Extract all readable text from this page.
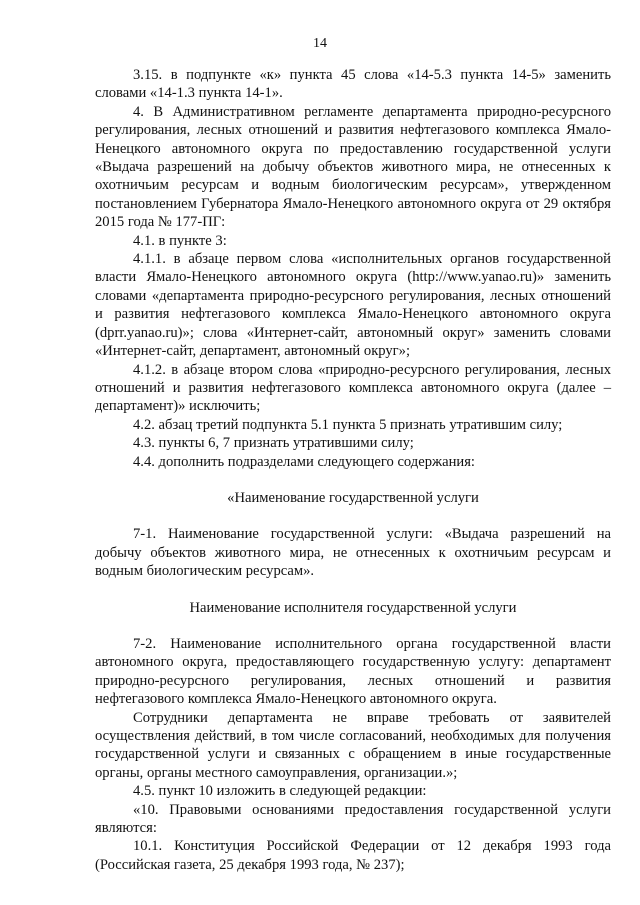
14

3.15. в подпункте «к» пункта 45 слова «14-5.3 пункта 14-5» заменить словами «14-1.3 пункта 14-1».

4. В Административном регламенте департамента природно-ресурсного регулирования, лесных отношений и развития нефтегазового комплекса Ямало-Ненецкого автономного округа по предоставлению государственной услуги «Выдача разрешений на добычу объектов животного мира, не отнесенных к охотничьим ресурсам и водным биологическим ресурсам», утвержденном постановлением Губернатора Ямало-Ненецкого автономного округа от 29 октября 2015 года № 177-ПГ:

4.1. в пункте 3:

4.1.1. в абзаце первом слова «исполнительных органов государственной власти Ямало-Ненецкого автономного округа (http://www.yanao.ru)» заменить словами «департамента природно-ресурсного регулирования, лесных отношений и развития нефтегазового комплекса Ямало-Ненецкого автономного округа (dprr.yanao.ru)»; слова «Интернет-сайт, автономный округ» заменить словами «Интернет-сайт, департамент, автономный округ»;

4.1.2. в абзаце втором слова «природно-ресурсного регулирования, лесных отношений и развития нефтегазового комплекса автономного округа (далее – департамент)» исключить;

4.2. абзац третий подпункта 5.1 пункта 5 признать утратившим силу;

4.3. пункты 6, 7 признать утратившими силу;

4.4. дополнить подразделами следующего содержания:

«Наименование государственной услуги

7-1. Наименование государственной услуги: «Выдача разрешений на добычу объектов животного мира, не отнесенных к охотничьим ресурсам и водным биологическим ресурсам».

Наименование исполнителя государственной услуги

7-2. Наименование исполнительного органа государственной власти автономного округа, предоставляющего государственную услугу: департамент природно-ресурсного регулирования, лесных отношений и развития нефтегазового комплекса Ямало-Ненецкого автономного округа.

Сотрудники департамента не вправе требовать от заявителей осуществления действий, в том числе согласований, необходимых для получения государственной услуги и связанных с обращением в иные государственные органы, органы местного самоуправления, организации.»;

4.5. пункт 10 изложить в следующей редакции:

«10. Правовыми основаниями предоставления государственной услуги являются:

10.1. Конституция Российской Федерации от 12 декабря 1993 года (Российская газета, 25 декабря 1993 года, № 237);
